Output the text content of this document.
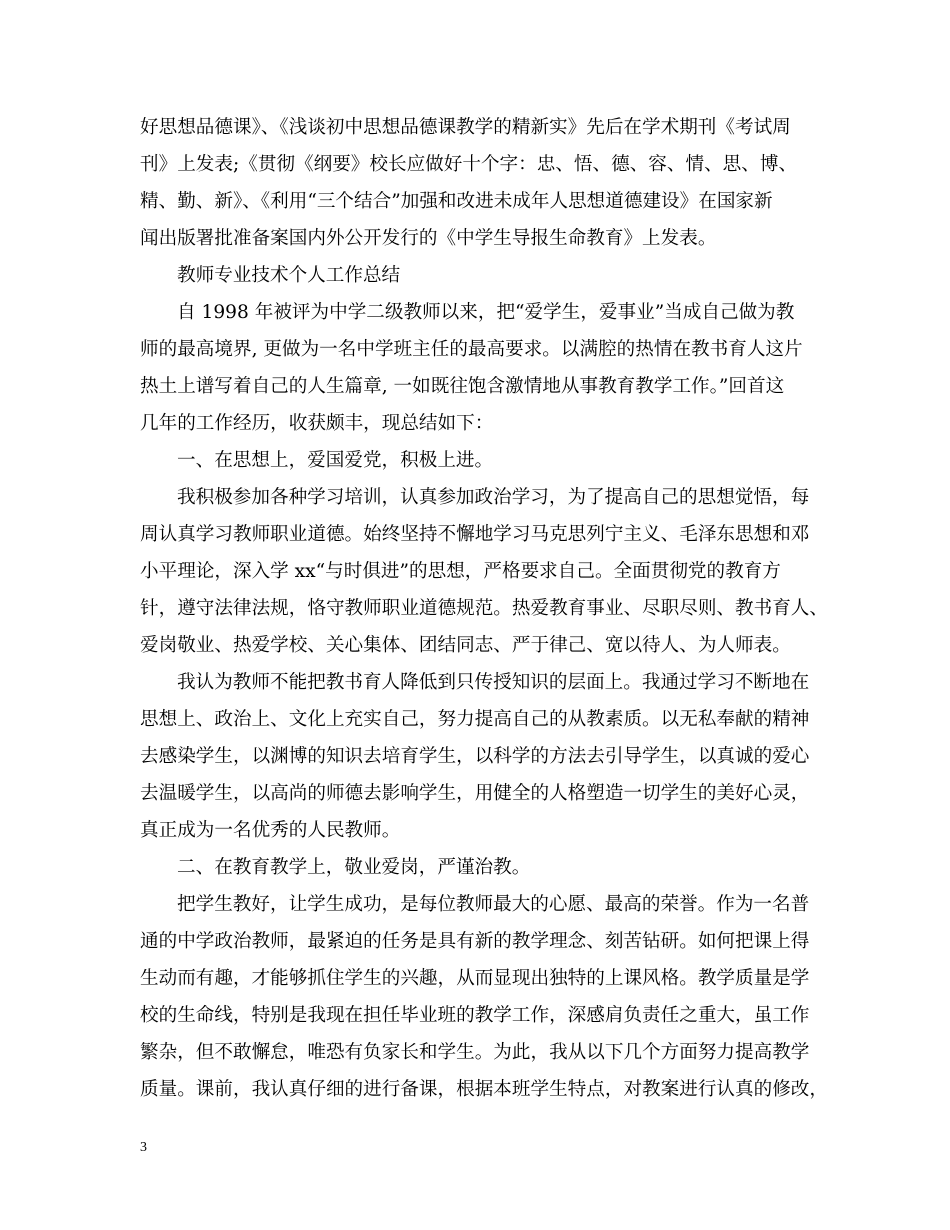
好思想品德课》、《浅谈初中思想品德课教学的精新实》先后在学术期刊《考试周
刊》上发表;《贯彻《纲要》校长应做好十个字：忠、悟、德、容、情、思、博、
精、勤、新》、《利用“三个结合”加强和改进未成年人思想道德建设》在国家新
闻出版署批准备案国内外公开发行的《中学生导报生命教育》上发表。
教师专业技术个人工作总结
自 1998 年被评为中学二级教师以来，把“爱学生，爱事业”当成自己做为教
师的最高境界, 更做为一名中学班主任的最高要求。以满腔的热情在教书育人这片
热土上谱写着自己的人生篇章, 一如既往饱含激情地从事教育教学工作。”回首这
几年的工作经历，收获颇丰，现总结如下：
一、在思想上，爱国爱党，积极上进。
我积极参加各种学习培训，认真参加政治学习，为了提高自己的思想觉悟，每
周认真学习教师职业道德。始终坚持不懈地学习马克思列宁主义、毛泽东思想和邓
小平理论，深入学 xx“与时俱进”的思想，严格要求自己。全面贯彻党的教育方
针，遵守法律法规，恪守教师职业道德规范。热爱教育事业、尽职尽则、教书育人、
爱岗敬业、热爱学校、关心集体、团结同志、严于律己、宽以待人、为人师表。
我认为教师不能把教书育人降低到只传授知识的层面上。我通过学习不断地在
思想上、政治上、文化上充实自己，努力提高自己的从教素质。以无私奉献的精神
去感染学生，以渊博的知识去培育学生，以科学的方法去引导学生，以真诚的爱心
去温暖学生，以高尚的师德去影响学生，用健全的人格塑造一切学生的美好心灵，
真正成为一名优秀的人民教师。
二、在教育教学上，敬业爱岗，严谨治教。
把学生教好，让学生成功，是每位教师最大的心愿、最高的荣誉。作为一名普
通的中学政治教师，最紧迫的任务是具有新的教学理念、刻苦钻研。如何把课上得
生动而有趣，才能够抓住学生的兴趣，从而显现出独特的上课风格。教学质量是学
校的生命线，特别是我现在担任毕业班的教学工作，深感肩负责任之重大，虽工作
繁杂，但不敢懈怠，唯恐有负家长和学生。为此，我从以下几个方面努力提高教学
质量。课前，我认真仔细的进行备课，根据本班学生特点，对教案进行认真的修改，
3
